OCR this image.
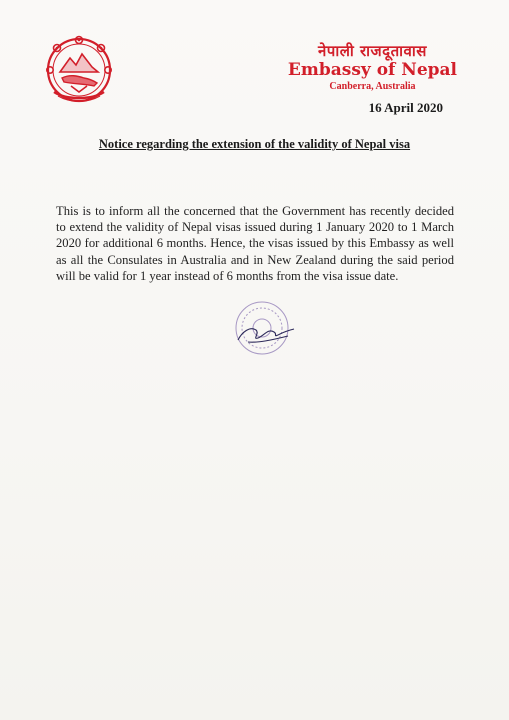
नेपाली राजदूतावास
Embassy of Nepal
Canberra, Australia
16 April 2020
Notice regarding the extension of the validity of Nepal visa
This is to inform all the concerned that the Government has recently decided to extend the validity of Nepal visas issued during 1 January 2020 to 1 March 2020 for additional 6 months. Hence, the visas issued by this Embassy as well as all the Consulates in Australia and in New Zealand during the said period will be valid for 1 year instead of 6 months from the visa issue date.
